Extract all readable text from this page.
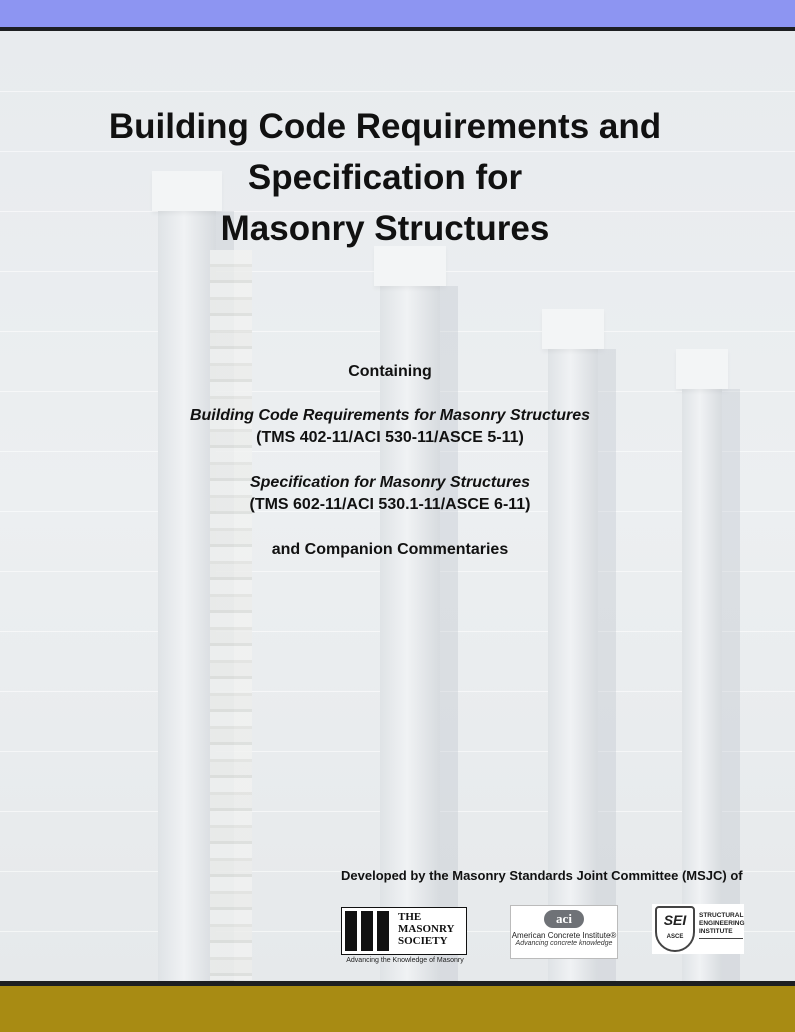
Building Code Requirements and
Specification for
Masonry Structures
Containing
Building Code Requirements for Masonry Structures
(TMS 402-11/ACI 530-11/ASCE 5-11)
Specification for Masonry Structures
(TMS 602-11/ACI 530.1-11/ASCE 6-11)
and Companion Commentaries
Developed by the Masonry Standards Joint Committee (MSJC) of
THE
MASONRY
SOCIETY
Advancing the Knowledge of Masonry
aci
American Concrete Institute®
Advancing concrete knowledge
SEI
ASCE
STRUCTURAL
ENGINEERING
INSTITUTE
